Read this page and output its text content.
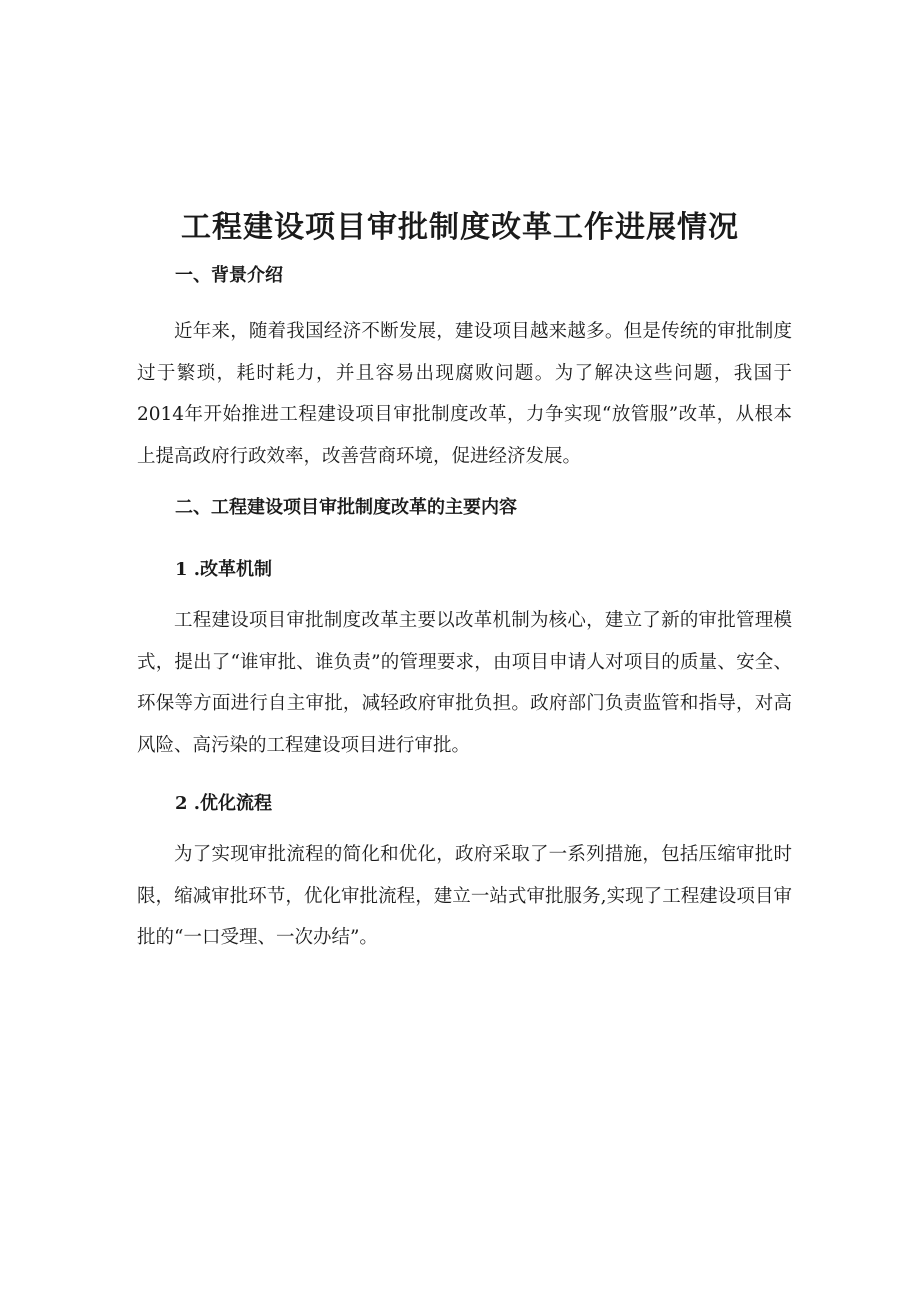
工程建设项目审批制度改革工作进展情况
一、背景介绍

近年来，随着我国经济不断发展，建设项目越来越多。但是传统的审批制度过于繁琐，耗时耗力，并且容易出现腐败问题。为了解决这些问题，我国于2014年开始推进工程建设项目审批制度改革，力争实现“放管服”改革，从根本上提高政府行政效率，改善营商环境，促进经济发展。

二、工程建设项目审批制度改革的主要内容
1 .改革机制

工程建设项目审批制度改革主要以改革机制为核心，建立了新的审批管理模式，提出了“谁审批、谁负责”的管理要求，由项目申请人对项目的质量、安全、环保等方面进行自主审批，减轻政府审批负担。政府部门负责监管和指导，对高风险、高污染的工程建设项目进行审批。

2 .优化流程

为了实现审批流程的简化和优化，政府采取了一系列措施，包括压缩审批时限，缩减审批环节，优化审批流程，建立一站式审批服务,实现了工程建设项目审批的“一口受理、一次办结”。
